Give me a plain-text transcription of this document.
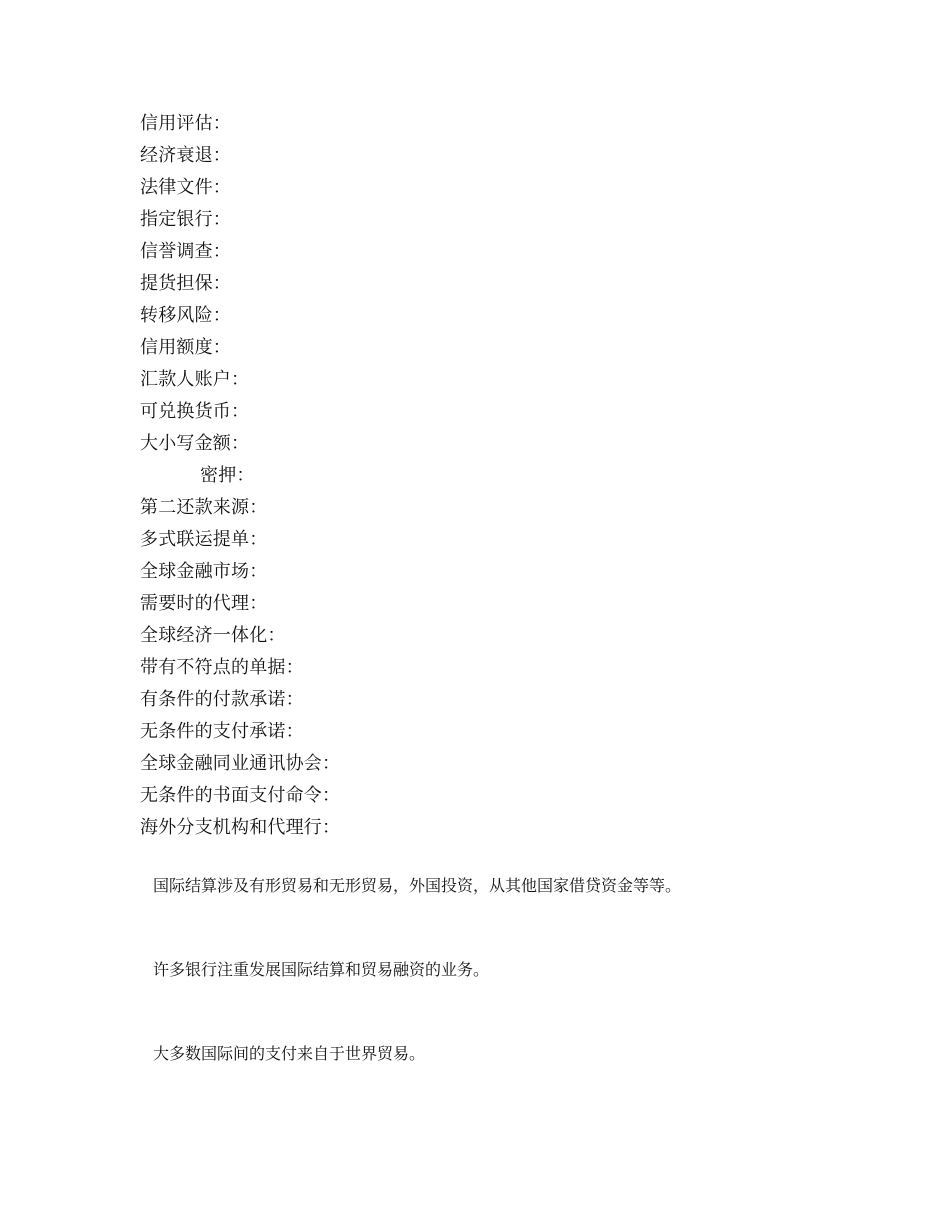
信用评估：
经济衰退：
法律文件：
指定银行：
信誉调查：
提货担保：
转移风险：
信用额度：
汇款人账户：
可兑换货币：
大小写金额：
密押：
第二还款来源：
多式联运提单：
全球金融市场：
需要时的代理：
全球经济一体化：
带有不符点的单据：
有条件的付款承诺：
无条件的支付承诺：
全球金融同业通讯协会：
无条件的书面支付命令：
海外分支机构和代理行：

国际结算涉及有形贸易和无形贸易，外国投资，从其他国家借贷资金等等。

许多银行注重发展国际结算和贸易融资的业务。

大多数国际间的支付来自于世界贸易。
